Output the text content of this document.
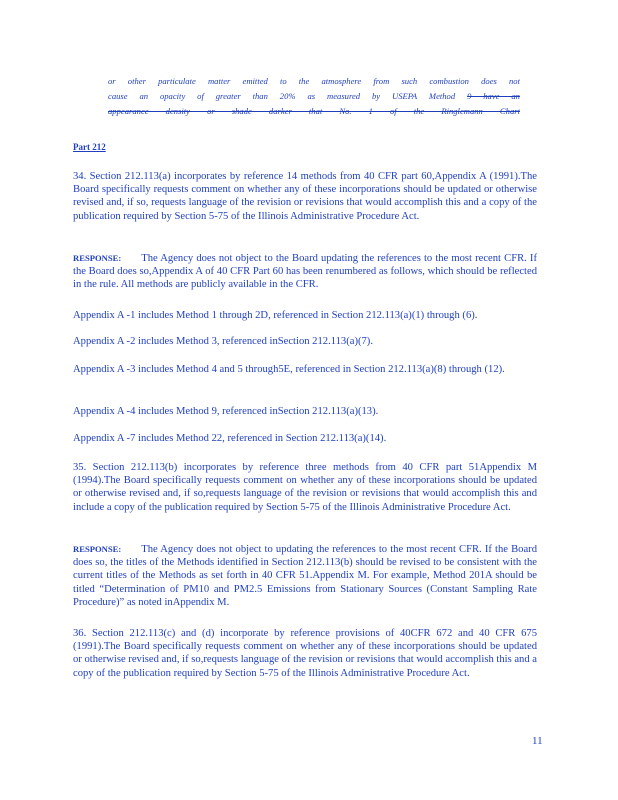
or other particulate matter emitted to the atmosphere from such combustion does not
cause an opacity of greater than 20% as measured by USEPA Method 9 have an
appearance density or shade darker that No. 1 of the Ringlemann Chart
Part 212
34. Section 212.113(a) incorporates by reference 14 methods from 40 CFR part 60,Appendix A (1991).The Board specifically requests comment on whether any of these incorporations should be updated or otherwise revised and, if so, requests language of the revision or revisions that would accomplish this and a copy of the publication required by Section 5-75 of the Illinois Administrative Procedure Act.
RESPONSE: The Agency does not object to the Board updating the references to the most recent CFR. If the Board does so,Appendix A of 40 CFR Part 60 has been renumbered as follows, which should be reflected in the rule. All methods are publicly available in the CFR.
Appendix A -1 includes Method 1 through 2D, referenced in Section 212.113(a)(1) through (6).
Appendix A -2 includes Method 3, referenced inSection 212.113(a)(7).
Appendix A -3 includes Method 4 and 5 through5E, referenced in Section 212.113(a)(8) through (12).
Appendix A -4 includes Method 9, referenced inSection 212.113(a)(13).
Appendix A -7 includes Method 22, referenced in Section 212.113(a)(14).
35. Section 212.113(b) incorporates by reference three methods from 40 CFR part 51Appendix M (1994).The Board specifically requests comment on whether any of these incorporations should be updated or otherwise revised and, if so,requests language of the revision or revisions that would accomplish this and include a copy of the publication required by Section 5-75 of the Illinois Administrative Procedure Act.
RESPONSE: The Agency does not object to updating the references to the most recent CFR. If the Board does so, the titles of the Methods identified in Section 212.113(b) should be revised to be consistent with the current titles of the Methods as set forth in 40 CFR 51.Appendix M. For example, Method 201A should be titled “Determination of PM10 and PM2.5 Emissions from Stationary Sources (Constant Sampling Rate Procedure)” as noted inAppendix M.
36. Section 212.113(c) and (d) incorporate by reference provisions of 40CFR 672 and 40 CFR 675 (1991).The Board specifically requests comment on whether any of these incorporations should be updated or otherwise revised and, if so,requests language of the revision or revisions that would accomplish this and a copy of the publication required by Section 5-75 of the Illinois Administrative Procedure Act.
11
